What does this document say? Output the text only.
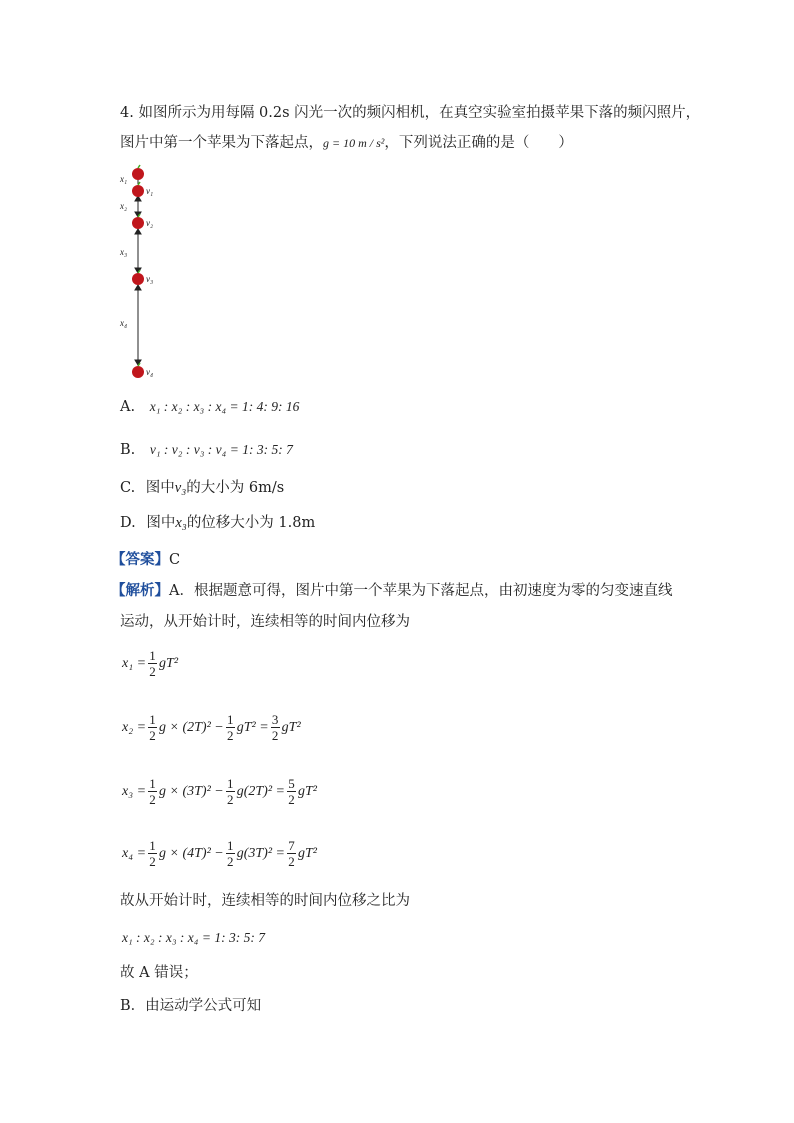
4. 如图所示为用每隔 0.2s 闪光一次的频闪相机，在真空实验室拍摄苹果下落的频闪照片，
图片中第一个苹果为下落起点，g = 10 m / s²，下列说法正确的是（　　）
x₁
x₂
x₃
x₄
v₁
v₂
v₃
v₄
A. x₁ : x₂ : x₃ : x₄ = 1: 4: 9: 16
B. v₁ : v₂ : v₃ : v₄ = 1: 3: 5: 7
C. 图中v₃的大小为 6m/s
D. 图中x₃的位移大小为 1.8m
【答案】C
【解析】A．根据题意可得，图片中第一个苹果为下落起点，由初速度为零的匀变速直线
运动，从开始计时，连续相等的时间内位移为
$x_1 = \frac{1}{2} gT^2$
$x_2 = \frac{1}{2}$ $g \times (2T)^2 - \frac{1}{2} gT^2 = \frac{3}{2} gT^2$
$x_3 = \frac{1}{2}$ $g \times (3T)^2 - \frac{1}{2} g(2T)^2 = \frac{5}{2} gT^2$
$x_4 = \frac{1}{2}$ $g \times (4T)^2 - \frac{1}{2} g(3T)^2 = \frac{7}{2} gT^2$
故从开始计时，连续相等的时间内位移之比为
x₁ : x₂ : x₃ : x₄ = 1: 3: 5: 7
故 A 错误；
B．由运动学公式可知
